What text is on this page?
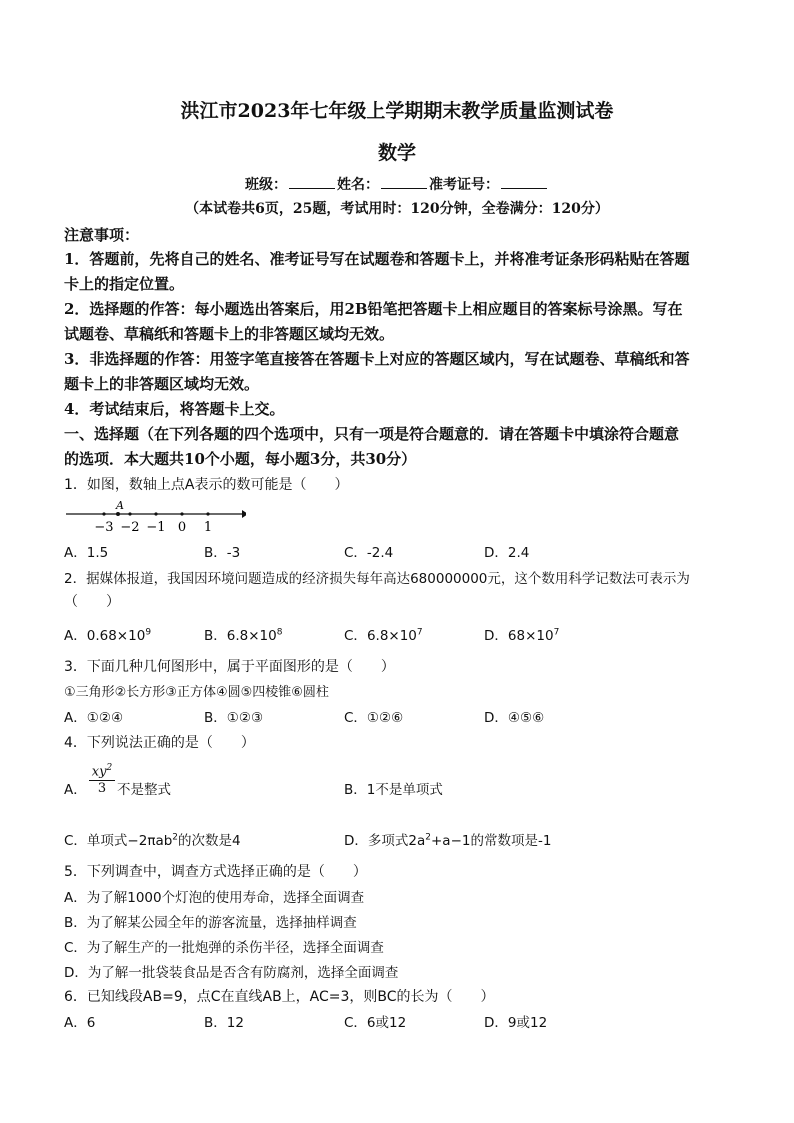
洪江市2023年七年级上学期期末教学质量监测试卷
数学
班级：	姓名：	准考证号：
（本试卷共6页，25题，考试用时：120分钟，全卷满分：120分）
注意事项：
1．答题前，先将自己的姓名、准考证号写在试题卷和答题卡上，并将准考证条形码粘贴在答题
卡上的指定位置。
2．选择题的作答：每小题选出答案后，用2B铅笔把答题卡上相应题目的答案标号涂黑。写在
试题卷、草稿纸和答题卡上的非答题区域均无效。
3．非选择题的作答：用签字笔直接答在答题卡上对应的答题区域内，写在试题卷、草稿纸和答
题卡上的非答题区域均无效。
4．考试结束后，将答题卡上交。
一、选择题（在下列各题的四个选项中，只有一项是符合题意的．请在答题卡中填涂符合题意
的选项．本大题共10个小题，每小题3分，共30分）
1．如图，数轴上点A表示的数可能是（　　）
A
−3 −2 −1 0 1
A．1.5	B．-3	C．-2.4	D．2.4
2．据媒体报道，我国因环境问题造成的经济损失每年高达680000000元，这个数用科学记数法可表示为
（　　）
A．$0.68\times 10^9$	B．$6.8\times 10^8$	C．$6.8\times 10^7$	D．$68\times 10^7$
3．下面几种几何图形中，属于平面图形的是（　　）
①三角形②长方形③正方体④圆⑤四棱锥⑥圆柱
A．①②④	B．①②③	C．①②⑥	D．④⑤⑥
4．下列说法正确的是（　　）
A． $\frac{xy^2}{3}$ 不是整式	B．1不是单项式
C．单项式−2πab$^2$的次数是4	D．多项式$2a^2+a-1$的常数项是-1
5．下列调查中，调查方式选择正确的是（　　）
A．为了解1000个灯泡的使用寿命，选择全面调查
B．为了解某公园全年的游客流量，选择抽样调查
C．为了解生产的一批炮弹的杀伤半径，选择全面调查
D．为了解一批袋装食品是否含有防腐剂，选择全面调查
6．已知线段AB=9，点C在直线AB上，AC=3，则BC的长为（　　）
A．6	B．12	C．6或12	D．9或12
